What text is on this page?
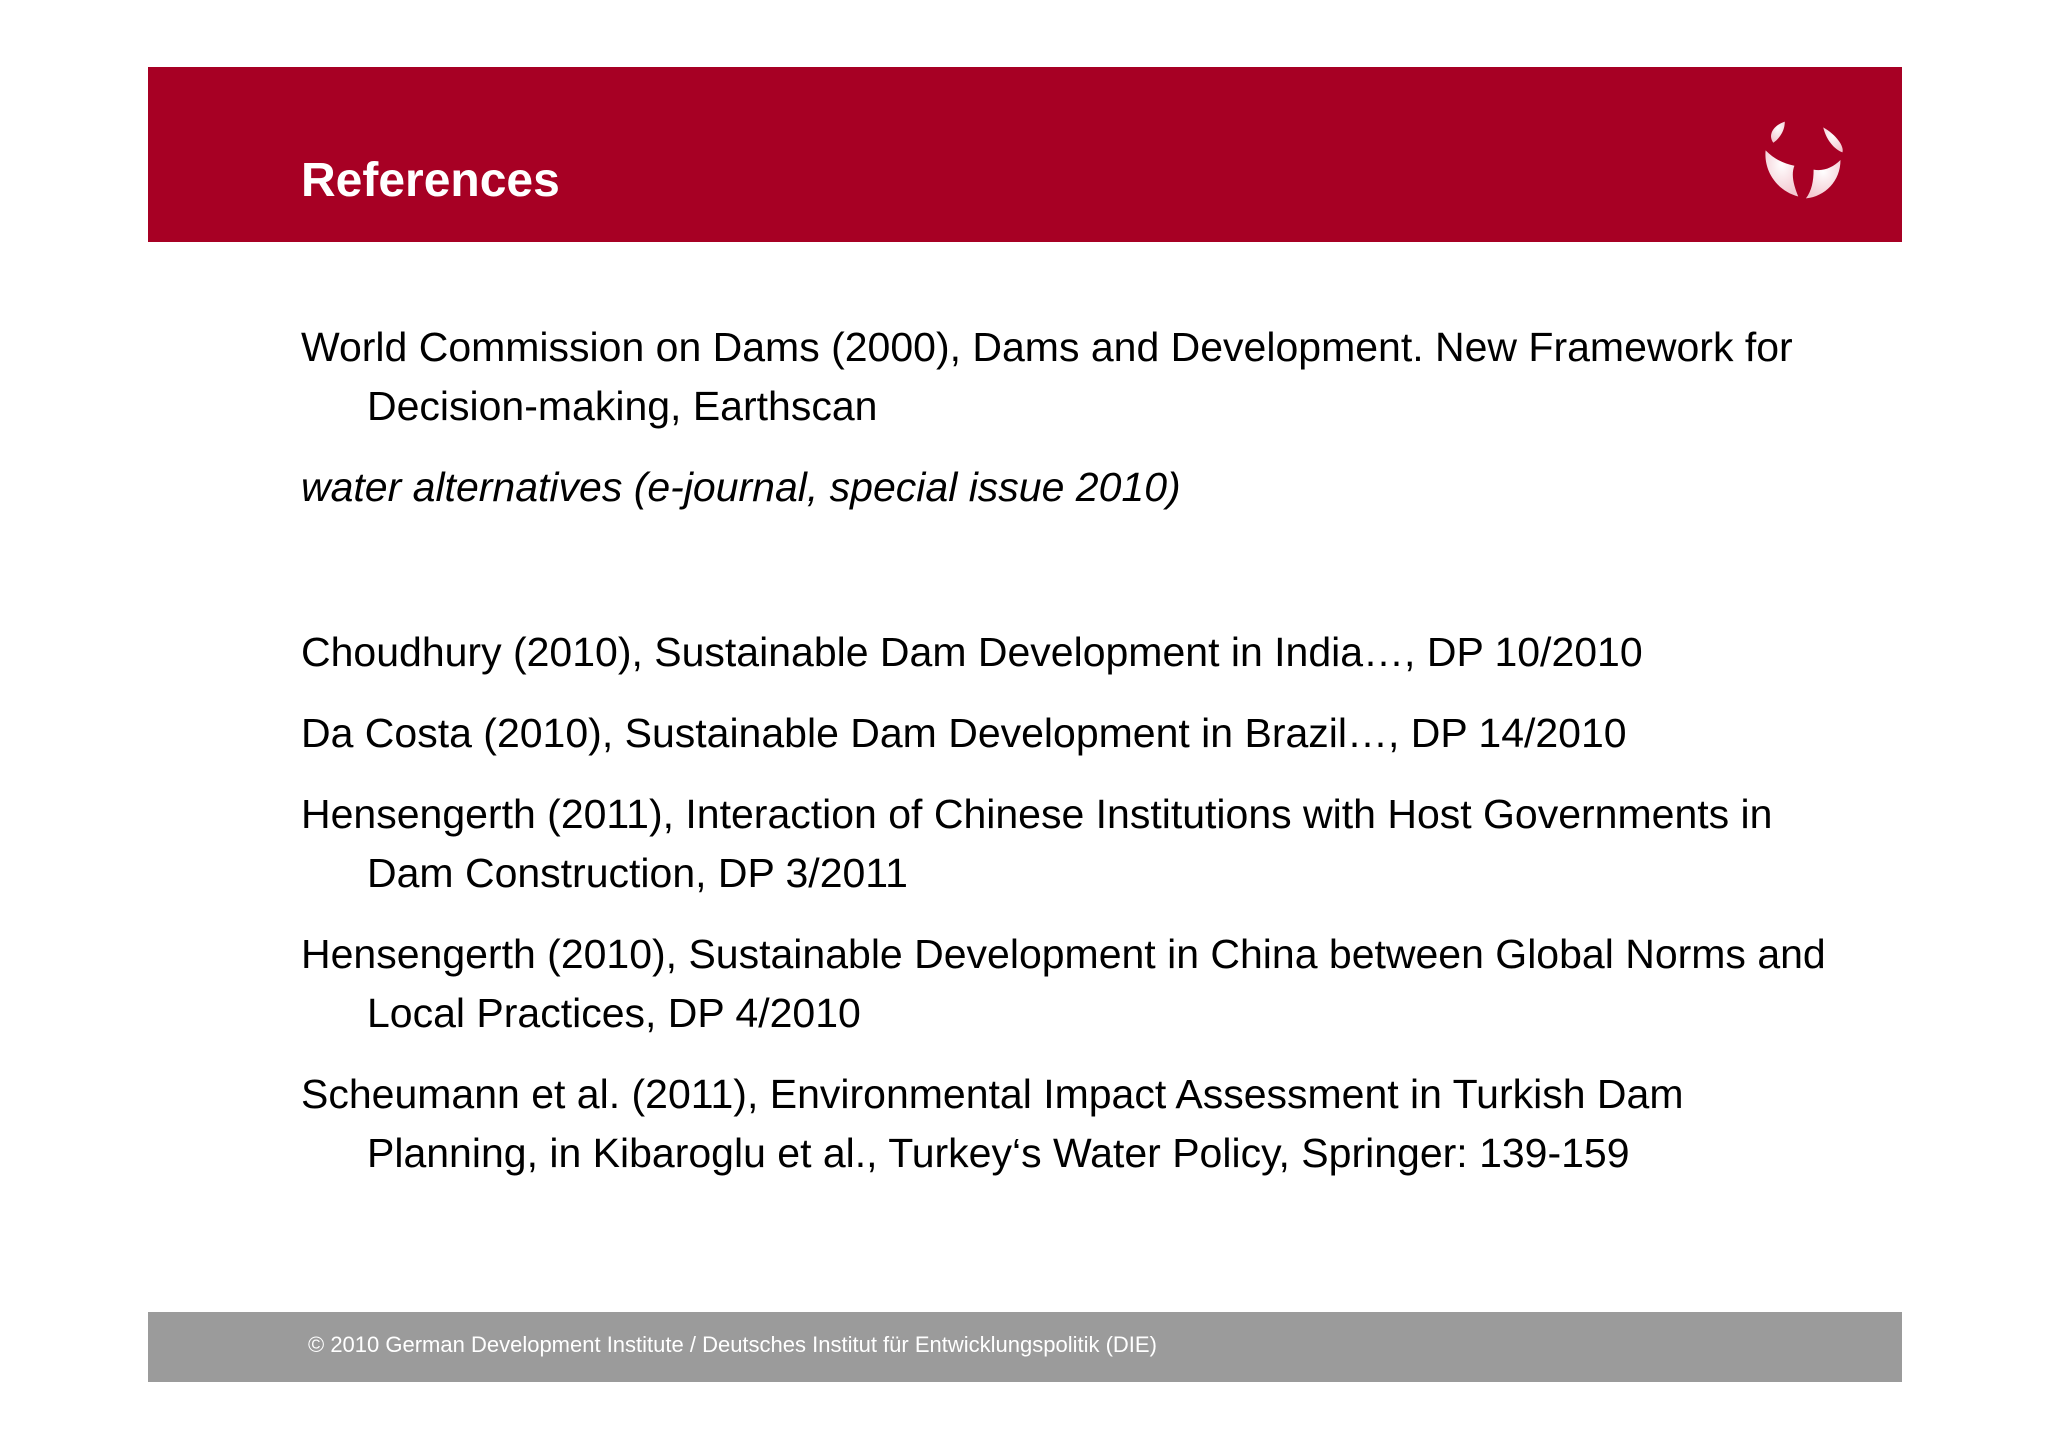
References

World Commission on Dams (2000), Dams and Development. New Framework for Decision-making, Earthscan

water alternatives (e-journal, special issue 2010)

Choudhury (2010), Sustainable Dam Development in India…, DP 10/2010

Da Costa (2010), Sustainable Dam Development in Brazil…, DP 14/2010

Hensengerth (2011), Interaction of Chinese Institutions with Host Governments in Dam Construction, DP 3/2011

Hensengerth (2010), Sustainable Development in China between Global Norms and Local Practices, DP 4/2010

Scheumann et al. (2011), Environmental Impact Assessment in Turkish Dam Planning, in Kibaroglu et al., Turkey‘s Water Policy, Springer: 139-159

© 2010 German Development Institute / Deutsches Institut für Entwicklungspolitik (DIE)
